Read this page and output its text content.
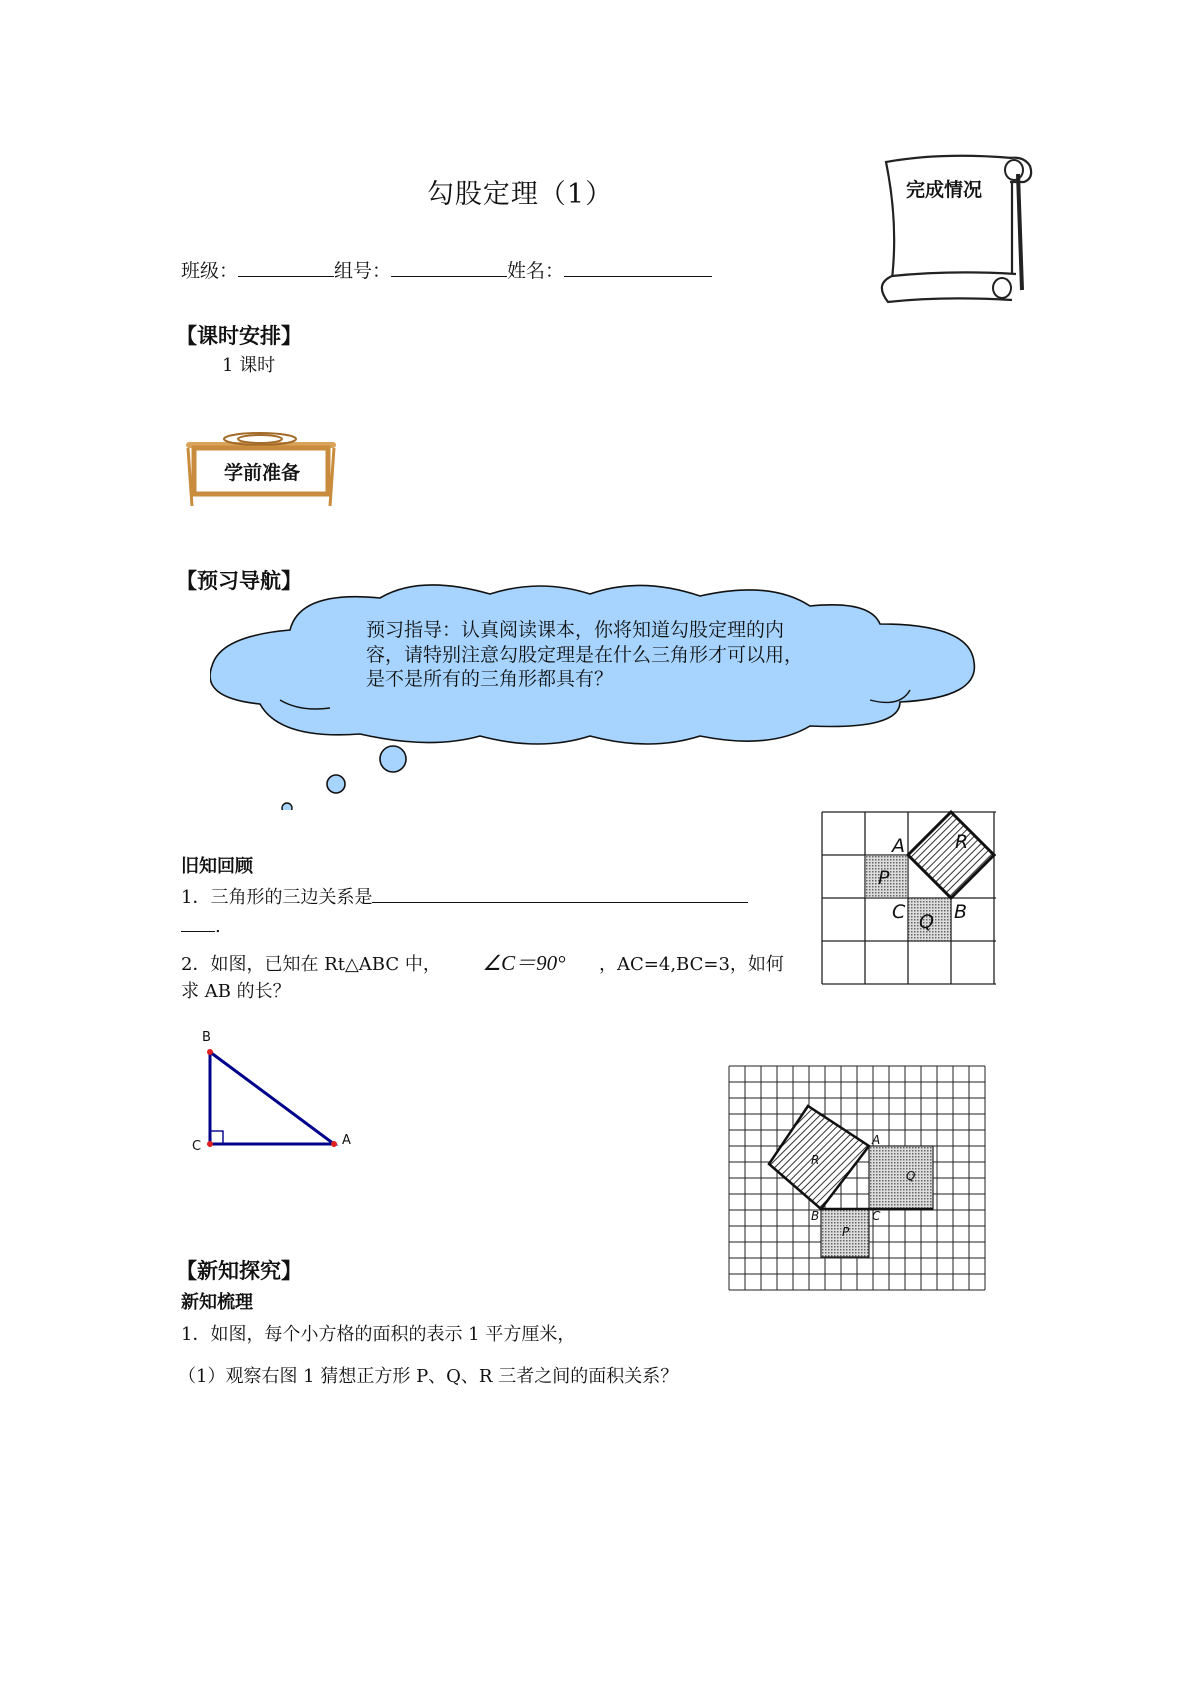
勾股定理（1）
班级：	组号：	姓名：
完成情况
【课时安排】
1 课时
学前准备
【预习导航】
预习指导：认真阅读课本，你将知道勾股定理的内
容，请特别注意勾股定理是在什么三角形才可以用，
是不是所有的三角形都具有？
旧知回顾
1．三角形的三边关系是
.
2．如图，已知在 Rt△ABC 中， ∠C＝90° ，AC=4,BC=3，如何
求 AB 的长？
A	R
P
C Q B
B
C	A	A
R
Q
B	C
P
【新知探究】
新知梳理
1．如图，每个小方格的面积的表示 1 平方厘米，
（1）观察右图 1 猜想正方形 P、Q、R 三者之间的面积关系？
